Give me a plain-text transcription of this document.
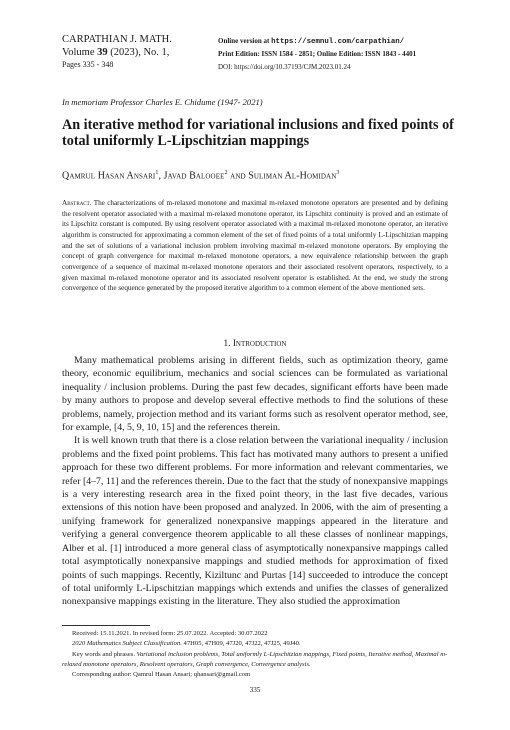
CARPATHIAN J. MATH.
Volume 39 (2023), No. 1,
Pages 335 - 348
Online version at https://semnul.com/carpathian/
Print Edition: ISSN 1584 - 2851; Online Edition: ISSN 1843 - 4401
DOI: https://doi.org/10.37193/CJM.2023.01.24
In memoriam Professor Charles E. Chidume (1947- 2021)
An iterative method for variational inclusions and fixed points of total uniformly L-Lipschitzian mappings
Qamrul Hasan Ansari$^1$, Javad Balooee$^2$ and Suliman Al-Homidan$^3$
Abstract. The characterizations of m-relaxed monotone and maximal m-relaxed monotone operators are presented and by defining the resolvent operator associated with a maximal m-relaxed monotone operator, its Lipschitz continuity is proved and an estimate of its Lipschitz constant is computed. By using resolvent operator associated with a maximal m-relaxed monotone operator, an iterative algorithm is constructed for approximating a common element of the set of fixed points of a total uniformly L-Lipschitzian mapping and the set of solutions of a variational inclusion problem involving maximal m-relaxed monotone operators. By employing the concept of graph convergence for maximal m-relaxed monotone operators, a new equivalence relationship between the graph convergence of a sequence of maximal m-relaxed monotone operators and their associated resolvent operators, respectively, to a given maximal m-relaxed monotone operator and its associated resolvent operator is established. At the end, we study the strong convergence of the sequence generated by the proposed iterative algorithm to a common element of the above mentioned sets.
1. Introduction

Many mathematical problems arising in different fields, such as optimization theory, game theory, economic equilibrium, mechanics and social sciences can be formulated as variational inequality / inclusion problems. During the past few decades, significant efforts have been made by many authors to propose and develop several effective methods to find the solutions of these problems, namely, projection method and its variant forms such as resolvent operator method, see, for example, [4, 5, 9, 10, 15] and the references therein.

It is well known truth that there is a close relation between the variational inequality / inclusion problems and the fixed point problems. This fact has motivated many authors to present a unified approach for these two different problems. For more information and relevant commentaries, we refer [4–7, 11] and the references therein. Due to the fact that the study of nonexpansive mappings is a very interesting research area in the fixed point theory, in the last five decades, various extensions of this notion have been proposed and analyzed. In 2006, with the aim of presenting a unifying framework for generalized nonexpansive mappings appeared in the literature and verifying a general convergence theorem applicable to all these classes of nonlinear mappings, Alber et al. [1] introduced a more general class of asymptotically nonexpansive mappings called total asymptotically nonexpansive mappings and studied methods for approximation of fixed points of such mappings. Recently, Kiziltunc and Purtas [14] succeeded to introduce the concept of total uniformly L-Lipschitzian mappings which extends and unifies the classes of generalized nonexpansive mappings existing in the literature. They also studied the approximation

Received: 15.11.2021. In revised form: 25.07.2022. Accepted: 30.07.2022
2020 Mathematics Subject Classification. 47H05, 47H09, 47J20, 47J22, 47J25, 49J40.
Key words and phrases. Variational inclusion problems, Total uniformly L-Lipschitzian mappings, Fixed points, Iterative method, Maximal m-relaxed monotone operators, Resolvent operators, Graph convergence, Convergence analysis.
Corresponding author: Qamrul Hasan Ansari; qhansari@gmail.com
335
